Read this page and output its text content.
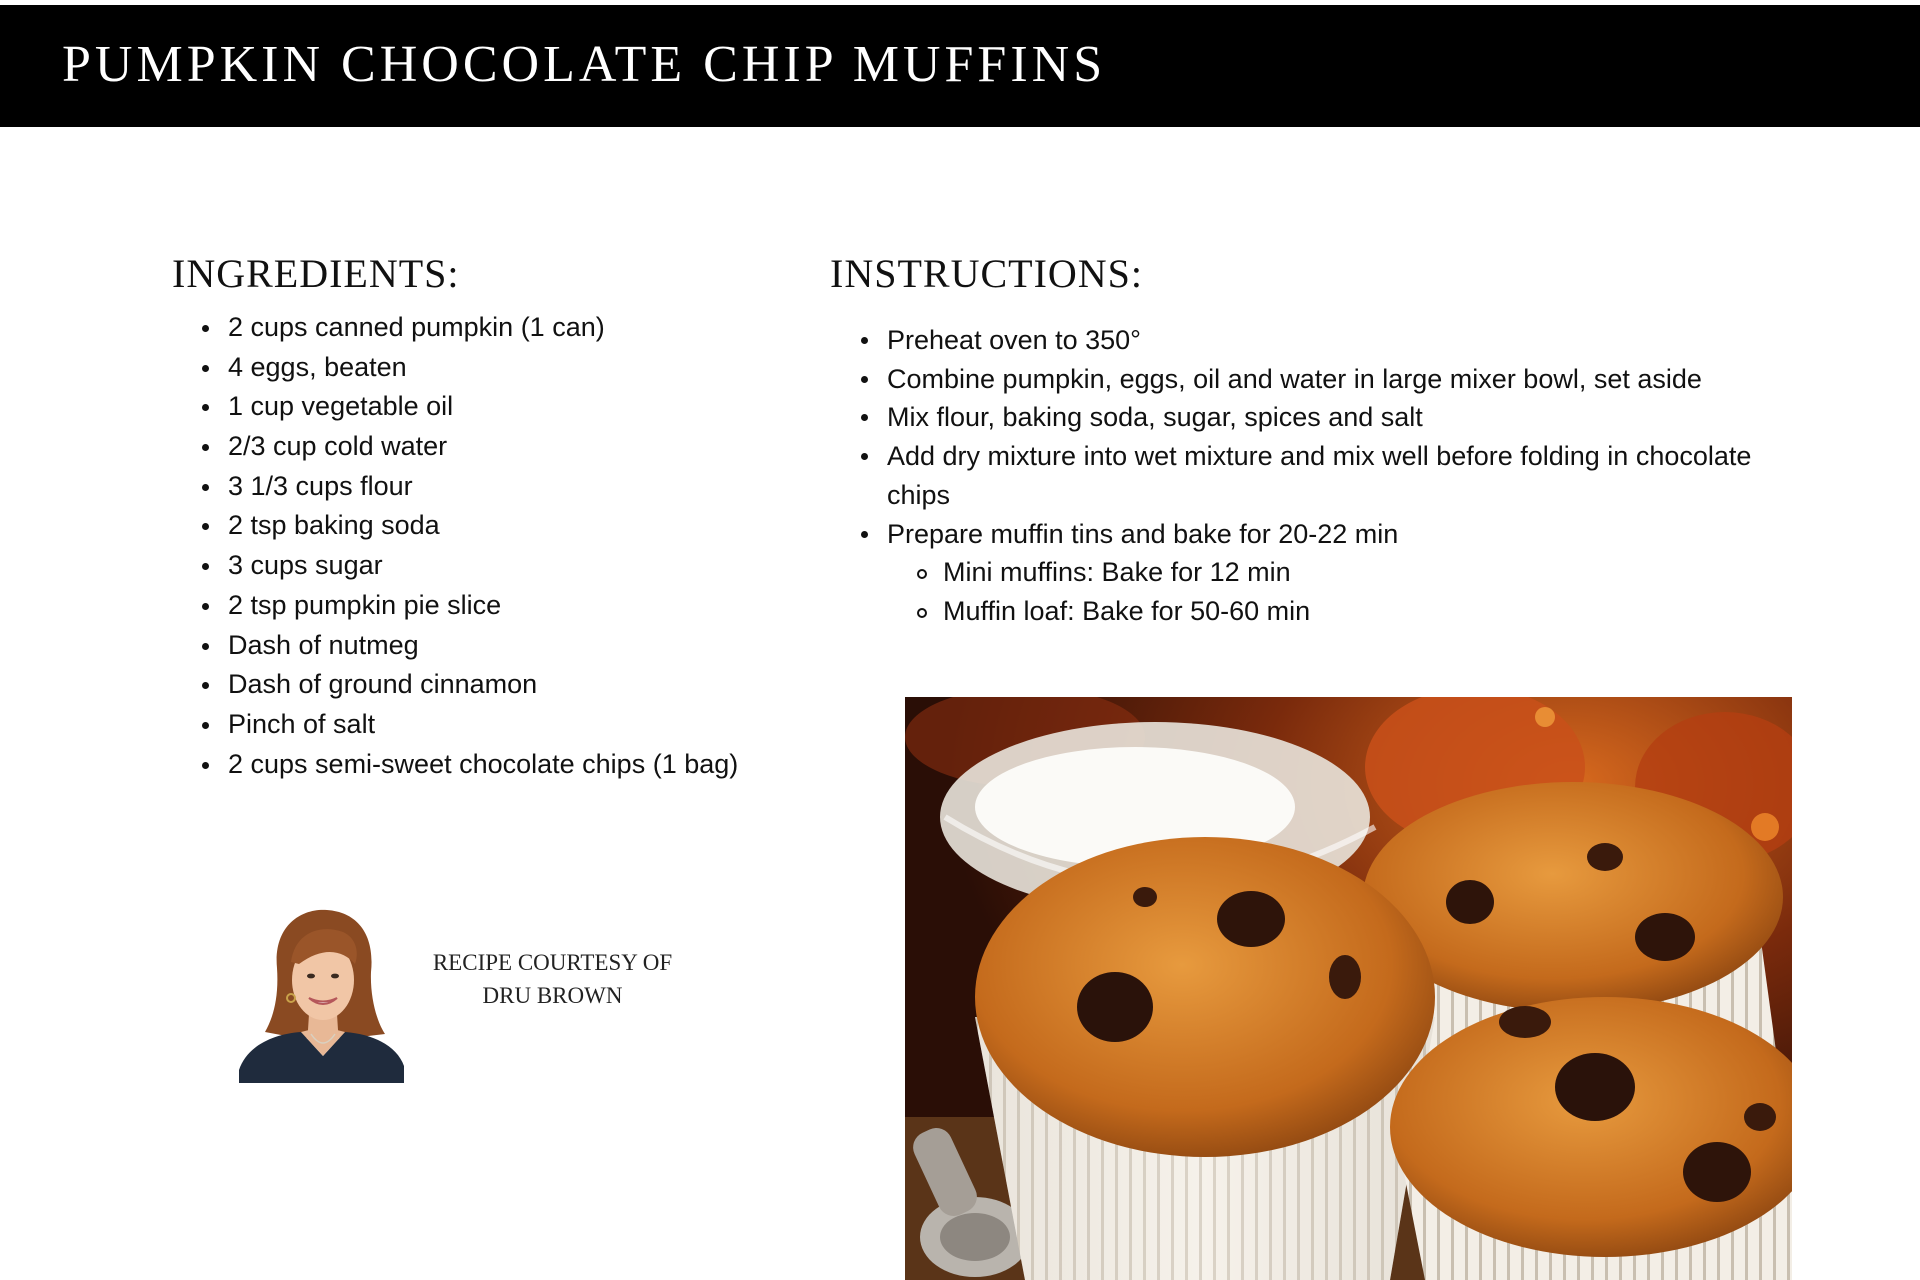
PUMPKIN CHOCOLATE CHIP MUFFINS
INGREDIENTS:
2 cups canned pumpkin (1 can)
4 eggs, beaten
1 cup vegetable oil
2/3 cup cold water
3 1/3 cups flour
2 tsp baking soda
3 cups sugar
2 tsp pumpkin pie slice
Dash of nutmeg
Dash of ground cinnamon
Pinch of salt
2 cups semi-sweet chocolate chips (1 bag)
INSTRUCTIONS:
Preheat oven to 350°
Combine pumpkin, eggs, oil and water in large mixer bowl, set aside
Mix flour, baking soda, sugar, spices and salt
Add dry mixture into wet mixture and mix well before folding in chocolate chips
Prepare muffin tins and bake for 20-22 min
Mini muffins: Bake for 12 min
Muffin loaf: Bake for 50-60 min
RECIPE COURTESY OF
DRU BROWN
